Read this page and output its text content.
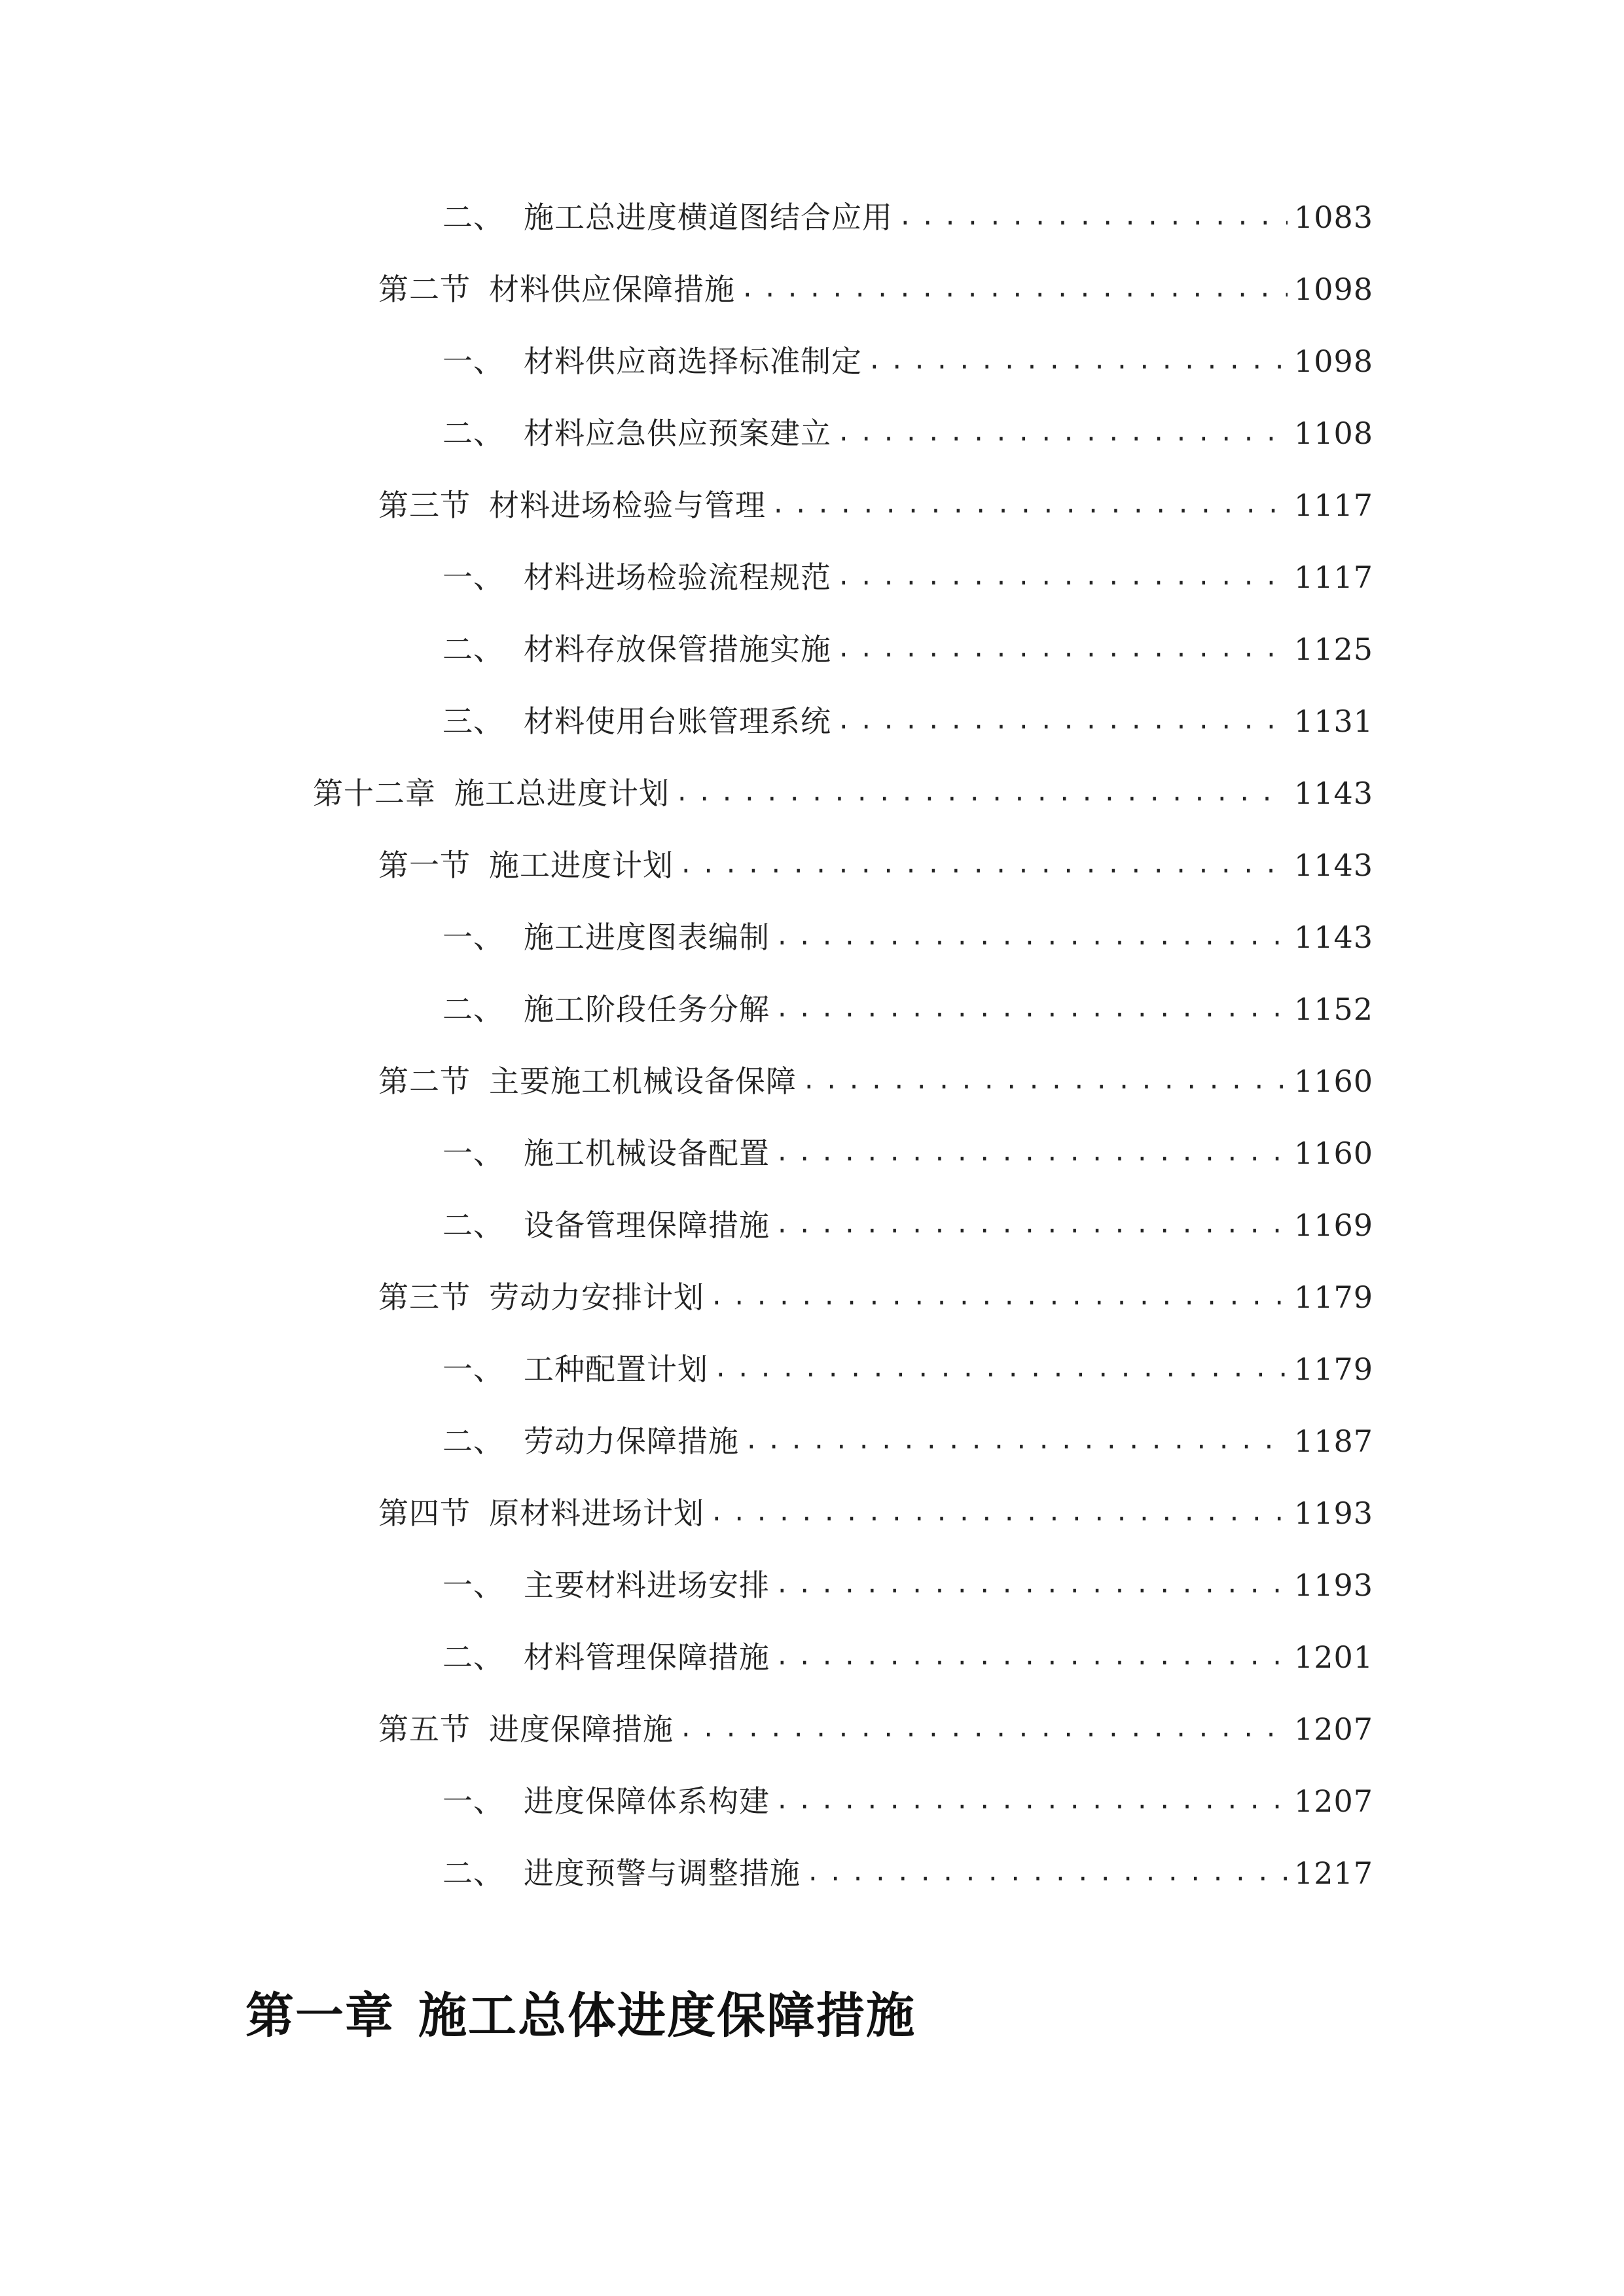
二、 施工总进度横道图结合应用 .....	1083
第二节 材料供应保障措施 .....	1098
一、 材料供应商选择标准制定 .....	1098
二、 材料应急供应预案建立 .....	1108
第三节 材料进场检验与管理 .....	1117
一、 材料进场检验流程规范 .....	1117
二、 材料存放保管措施实施 .....	1125
三、 材料使用台账管理系统 .....	1131
第十二章 施工总进度计划 .....	1143
第一节 施工进度计划 .....	1143
一、 施工进度图表编制 .....	1143
二、 施工阶段任务分解 .....	1152
第二节 主要施工机械设备保障 .....	1160
一、 施工机械设备配置 .....	1160
二、 设备管理保障措施 .....	1169
第三节 劳动力安排计划 .....	1179
一、 工种配置计划 .....	1179
二、 劳动力保障措施 .....	1187
第四节 原材料进场计划 .....	1193
一、 主要材料进场安排 .....	1193
二、 材料管理保障措施 .....	1201
第五节 进度保障措施 .....	1207
一、 进度保障体系构建 .....	1207
二、 进度预警与调整措施 .....	1217
第一章 施工总体进度保障措施
